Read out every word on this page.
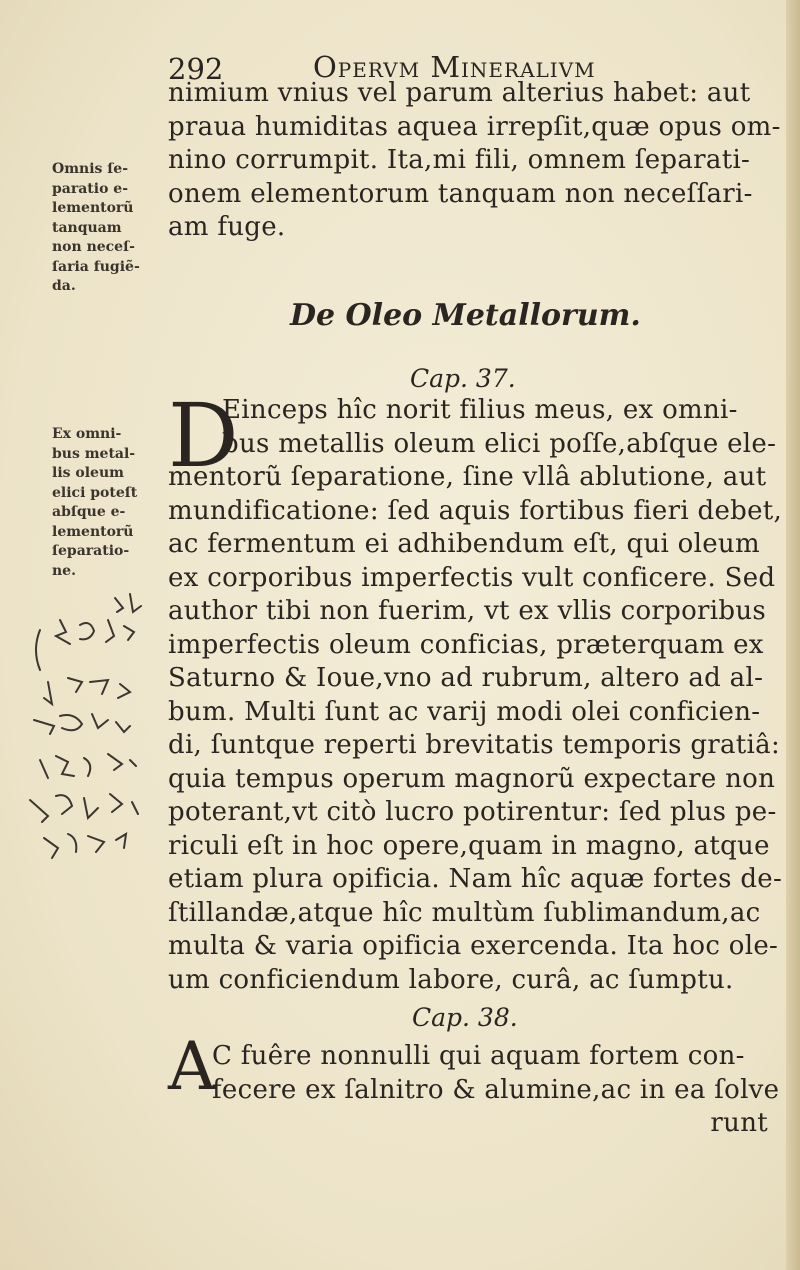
292	Opervm Mineralivm
nimium vnius vel parum alterius habet: aut
praua humiditas aquea irrepſit,quæ opus om-
nino corrumpit. Ita,mi fili, omnem ſeparati-
onem elementorum tanquam non neceſſari-
am fuge.
Omnis ſe-
paratio e-
lementorũ
tanquam
non neceſ-
ſaria fugiẽ-
da.
De Oleo Metallorum.
Cap. 37.
D
Einceps hîc norit filius meus, ex omni-
bus metallis oleum elici poſſe,abſque ele-
mentorũ ſeparatione, ſine vllâ ablutione, aut
mundificatione: ſed aquis fortibus fieri debet,
ac fermentum ei adhibendum eſt, qui oleum
ex corporibus imperfectis vult conficere. Sed
author tibi non fuerim, vt ex vllis corporibus
imperfectis oleum conficias, præterquam ex
Saturno & Ioue,vno ad rubrum, altero ad al-
bum. Multi ſunt ac varij modi olei conficien-
di, ſuntque reperti brevitatis temporis gratiâ:
quia tempus operum magnorũ expectare non
poterant,vt citò lucro potirentur: ſed plus pe-
riculi eſt in hoc opere,quam in magno, atque
etiam plura opificia. Nam hîc aquæ fortes de-
ſtillandæ,atque hîc multùm ſublimandum,ac
multa & varia opificia exercenda. Ita hoc ole-
um conficiendum labore, curâ, ac ſumptu.
Ex omni-
bus metal-
lis oleum
elici poteſt
abſque e-
lementorũ
ſeparatio-
ne.
Cap. 38.
A
C fuêre nonnulli qui aquam fortem con-
fecere ex ſalnitro & alumine,ac in ea ſolve
runt
